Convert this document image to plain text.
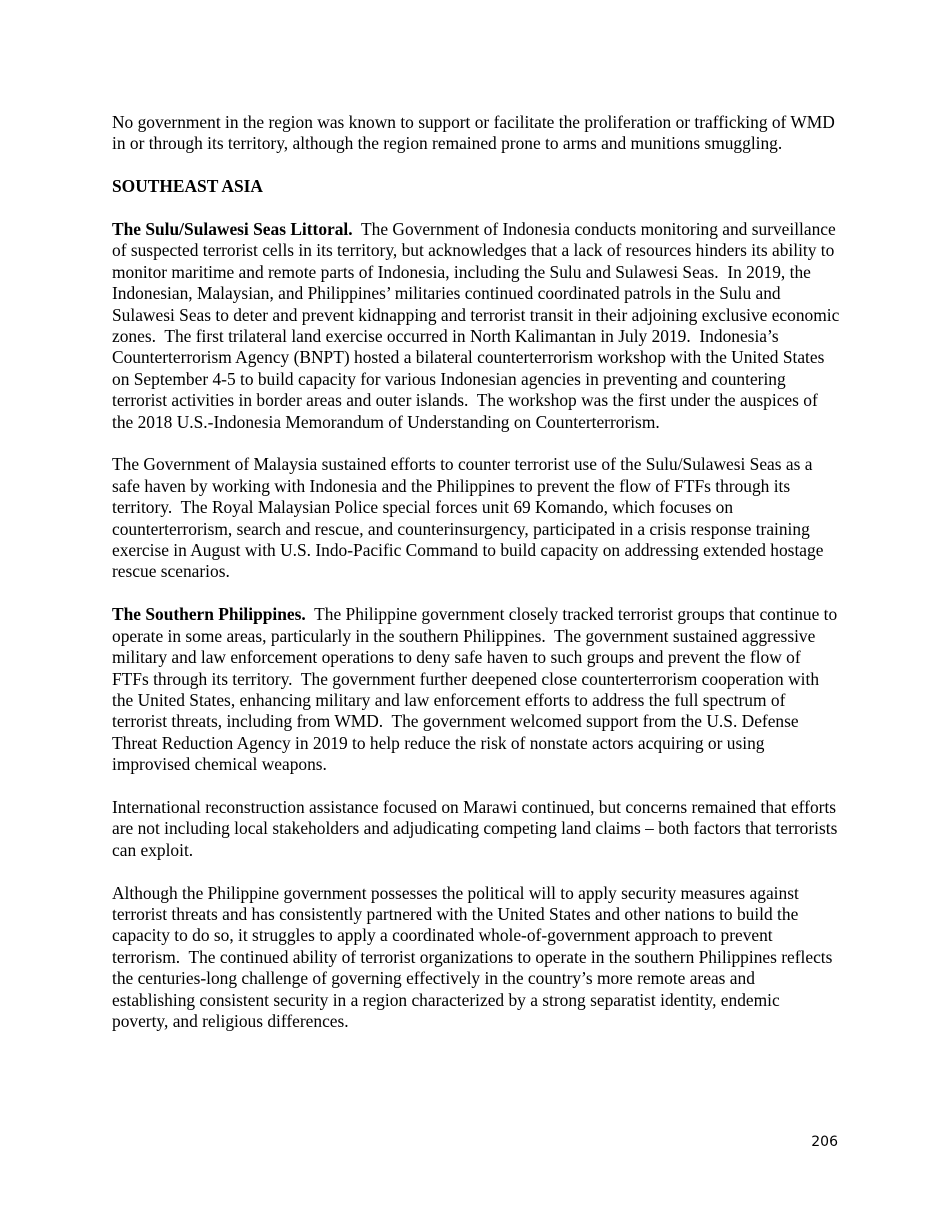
No government in the region was known to support or facilitate the proliferation or trafficking of WMD in or through its territory, although the region remained prone to arms and munitions smuggling.

SOUTHEAST ASIA

The Sulu/Sulawesi Seas Littoral.  The Government of Indonesia conducts monitoring and surveillance of suspected terrorist cells in its territory, but acknowledges that a lack of resources hinders its ability to monitor maritime and remote parts of Indonesia, including the Sulu and Sulawesi Seas.  In 2019, the Indonesian, Malaysian, and Philippines’ militaries continued coordinated patrols in the Sulu and Sulawesi Seas to deter and prevent kidnapping and terrorist transit in their adjoining exclusive economic zones.  The first trilateral land exercise occurred in North Kalimantan in July 2019.  Indonesia’s Counterterrorism Agency (BNPT) hosted a bilateral counterterrorism workshop with the United States on September 4-5 to build capacity for various Indonesian agencies in preventing and countering terrorist activities in border areas and outer islands.  The workshop was the first under the auspices of the 2018 U.S.-Indonesia Memorandum of Understanding on Counterterrorism.

The Government of Malaysia sustained efforts to counter terrorist use of the Sulu/Sulawesi Seas as a safe haven by working with Indonesia and the Philippines to prevent the flow of FTFs through its territory.  The Royal Malaysian Police special forces unit 69 Komando, which focuses on counterterrorism, search and rescue, and counterinsurgency, participated in a crisis response training exercise in August with U.S. Indo-Pacific Command to build capacity on addressing extended hostage rescue scenarios.

The Southern Philippines.  The Philippine government closely tracked terrorist groups that continue to operate in some areas, particularly in the southern Philippines.  The government sustained aggressive military and law enforcement operations to deny safe haven to such groups and prevent the flow of FTFs through its territory.  The government further deepened close counterterrorism cooperation with the United States, enhancing military and law enforcement efforts to address the full spectrum of terrorist threats, including from WMD.  The government welcomed support from the U.S. Defense Threat Reduction Agency in 2019 to help reduce the risk of nonstate actors acquiring or using improvised chemical weapons.

International reconstruction assistance focused on Marawi continued, but concerns remained that efforts are not including local stakeholders and adjudicating competing land claims – both factors that terrorists can exploit.

Although the Philippine government possesses the political will to apply security measures against terrorist threats and has consistently partnered with the United States and other nations to build the capacity to do so, it struggles to apply a coordinated whole-of-government approach to prevent terrorism.  The continued ability of terrorist organizations to operate in the southern Philippines reflects the centuries-long challenge of governing effectively in the country’s more remote areas and establishing consistent security in a region characterized by a strong separatist identity, endemic poverty, and religious differences.

206
